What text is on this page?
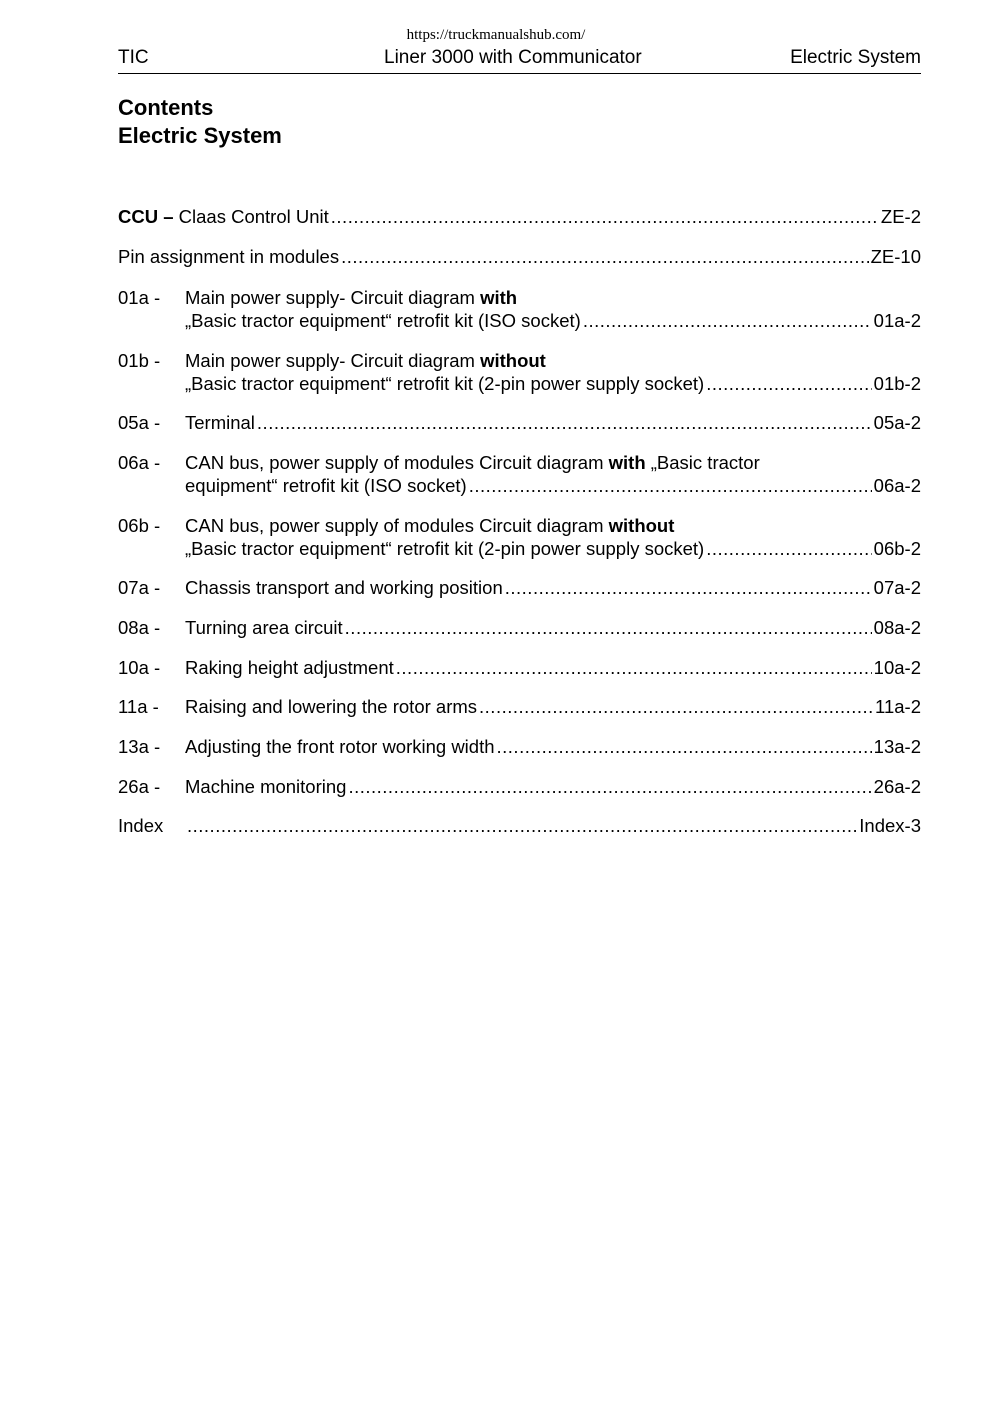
https://truckmanualshub.com/
TIC	Liner 3000 with Communicator	Electric System
Contents
Electric System
CCU – Claas Control Unit .....	ZE-2
Pin assignment in modules .....	ZE-10
01a - Main power supply- Circuit diagram with
„Basic tractor equipment“ retrofit kit (ISO socket) .....	01a-2
01b - Main power supply- Circuit diagram without
„Basic tractor equipment“ retrofit kit (2-pin power supply socket) .....	01b-2
05a - Terminal .....	05a-2
06a - CAN bus, power supply of modules Circuit diagram with „Basic tractor
equipment“ retrofit kit (ISO socket) .....	06a-2
06b - CAN bus, power supply of modules Circuit diagram without
„Basic tractor equipment“ retrofit kit (2-pin power supply socket) .....	06b-2
07a - Chassis transport and working position .....	07a-2
08a - Turning area circuit .....	08a-2
10a - Raking height adjustment .....	10a-2
11a - Raising and lowering the rotor arms .....	11a-2
13a - Adjusting the front rotor working width .....	13a-2
26a - Machine monitoring .....	26a-2
Index .....	Index-3
